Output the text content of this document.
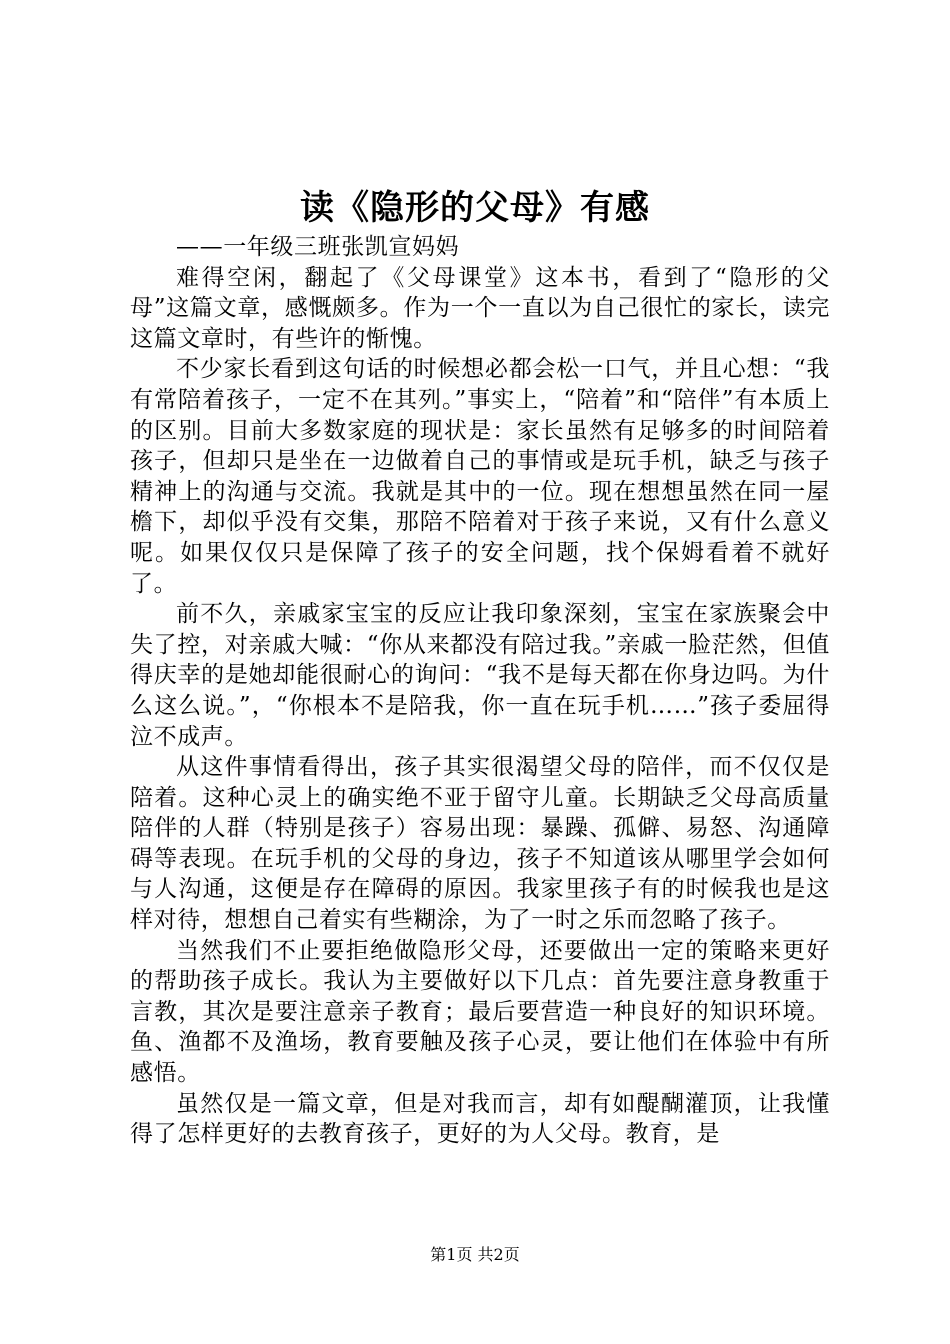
读《隐形的父母》有感

——一年级三班张凯宣妈妈

难得空闲，翻起了《父母课堂》这本书，看到了“隐形的父母”这篇文章，感慨颇多。作为一个一直以为自己很忙的家长，读完这篇文章时，有些许的惭愧。

不少家长看到这句话的时候想必都会松一口气，并且心想：“我有常陪着孩子，一定不在其列。”事实上，“陪着”和“陪伴”有本质上的区别。目前大多数家庭的现状是：家长虽然有足够多的时间陪着孩子，但却只是坐在一边做着自己的事情或是玩手机，缺乏与孩子精神上的沟通与交流。我就是其中的一位。现在想想虽然在同一屋檐下，却似乎没有交集，那陪不陪着对于孩子来说，又有什么意义呢。如果仅仅只是保障了孩子的安全问题，找个保姆看着不就好了。

前不久，亲戚家宝宝的反应让我印象深刻，宝宝在家族聚会中失了控，对亲戚大喊：“你从来都没有陪过我。”亲戚一脸茫然，但值得庆幸的是她却能很耐心的询问：“我不是每天都在你身边吗。为什么这么说。”，“你根本不是陪我，你一直在玩手机……”孩子委屈得泣不成声。

从这件事情看得出，孩子其实很渴望父母的陪伴，而不仅仅是陪着。这种心灵上的确实绝不亚于留守儿童。长期缺乏父母高质量陪伴的人群（特别是孩子）容易出现：暴躁、孤僻、易怒、沟通障碍等表现。在玩手机的父母的身边，孩子不知道该从哪里学会如何与人沟通，这便是存在障碍的原因。我家里孩子有的时候我也是这样对待，想想自己着实有些糊涂，为了一时之乐而忽略了孩子。

当然我们不止要拒绝做隐形父母，还要做出一定的策略来更好的帮助孩子成长。我认为主要做好以下几点：首先要注意身教重于言教，其次是要注意亲子教育；最后要营造一种良好的知识环境。鱼、渔都不及渔场，教育要触及孩子心灵，要让他们在体验中有所感悟。

虽然仅是一篇文章，但是对我而言，却有如醍醐灌顶，让我懂得了怎样更好的去教育孩子，更好的为人父母。教育，是

第1页 共2页
